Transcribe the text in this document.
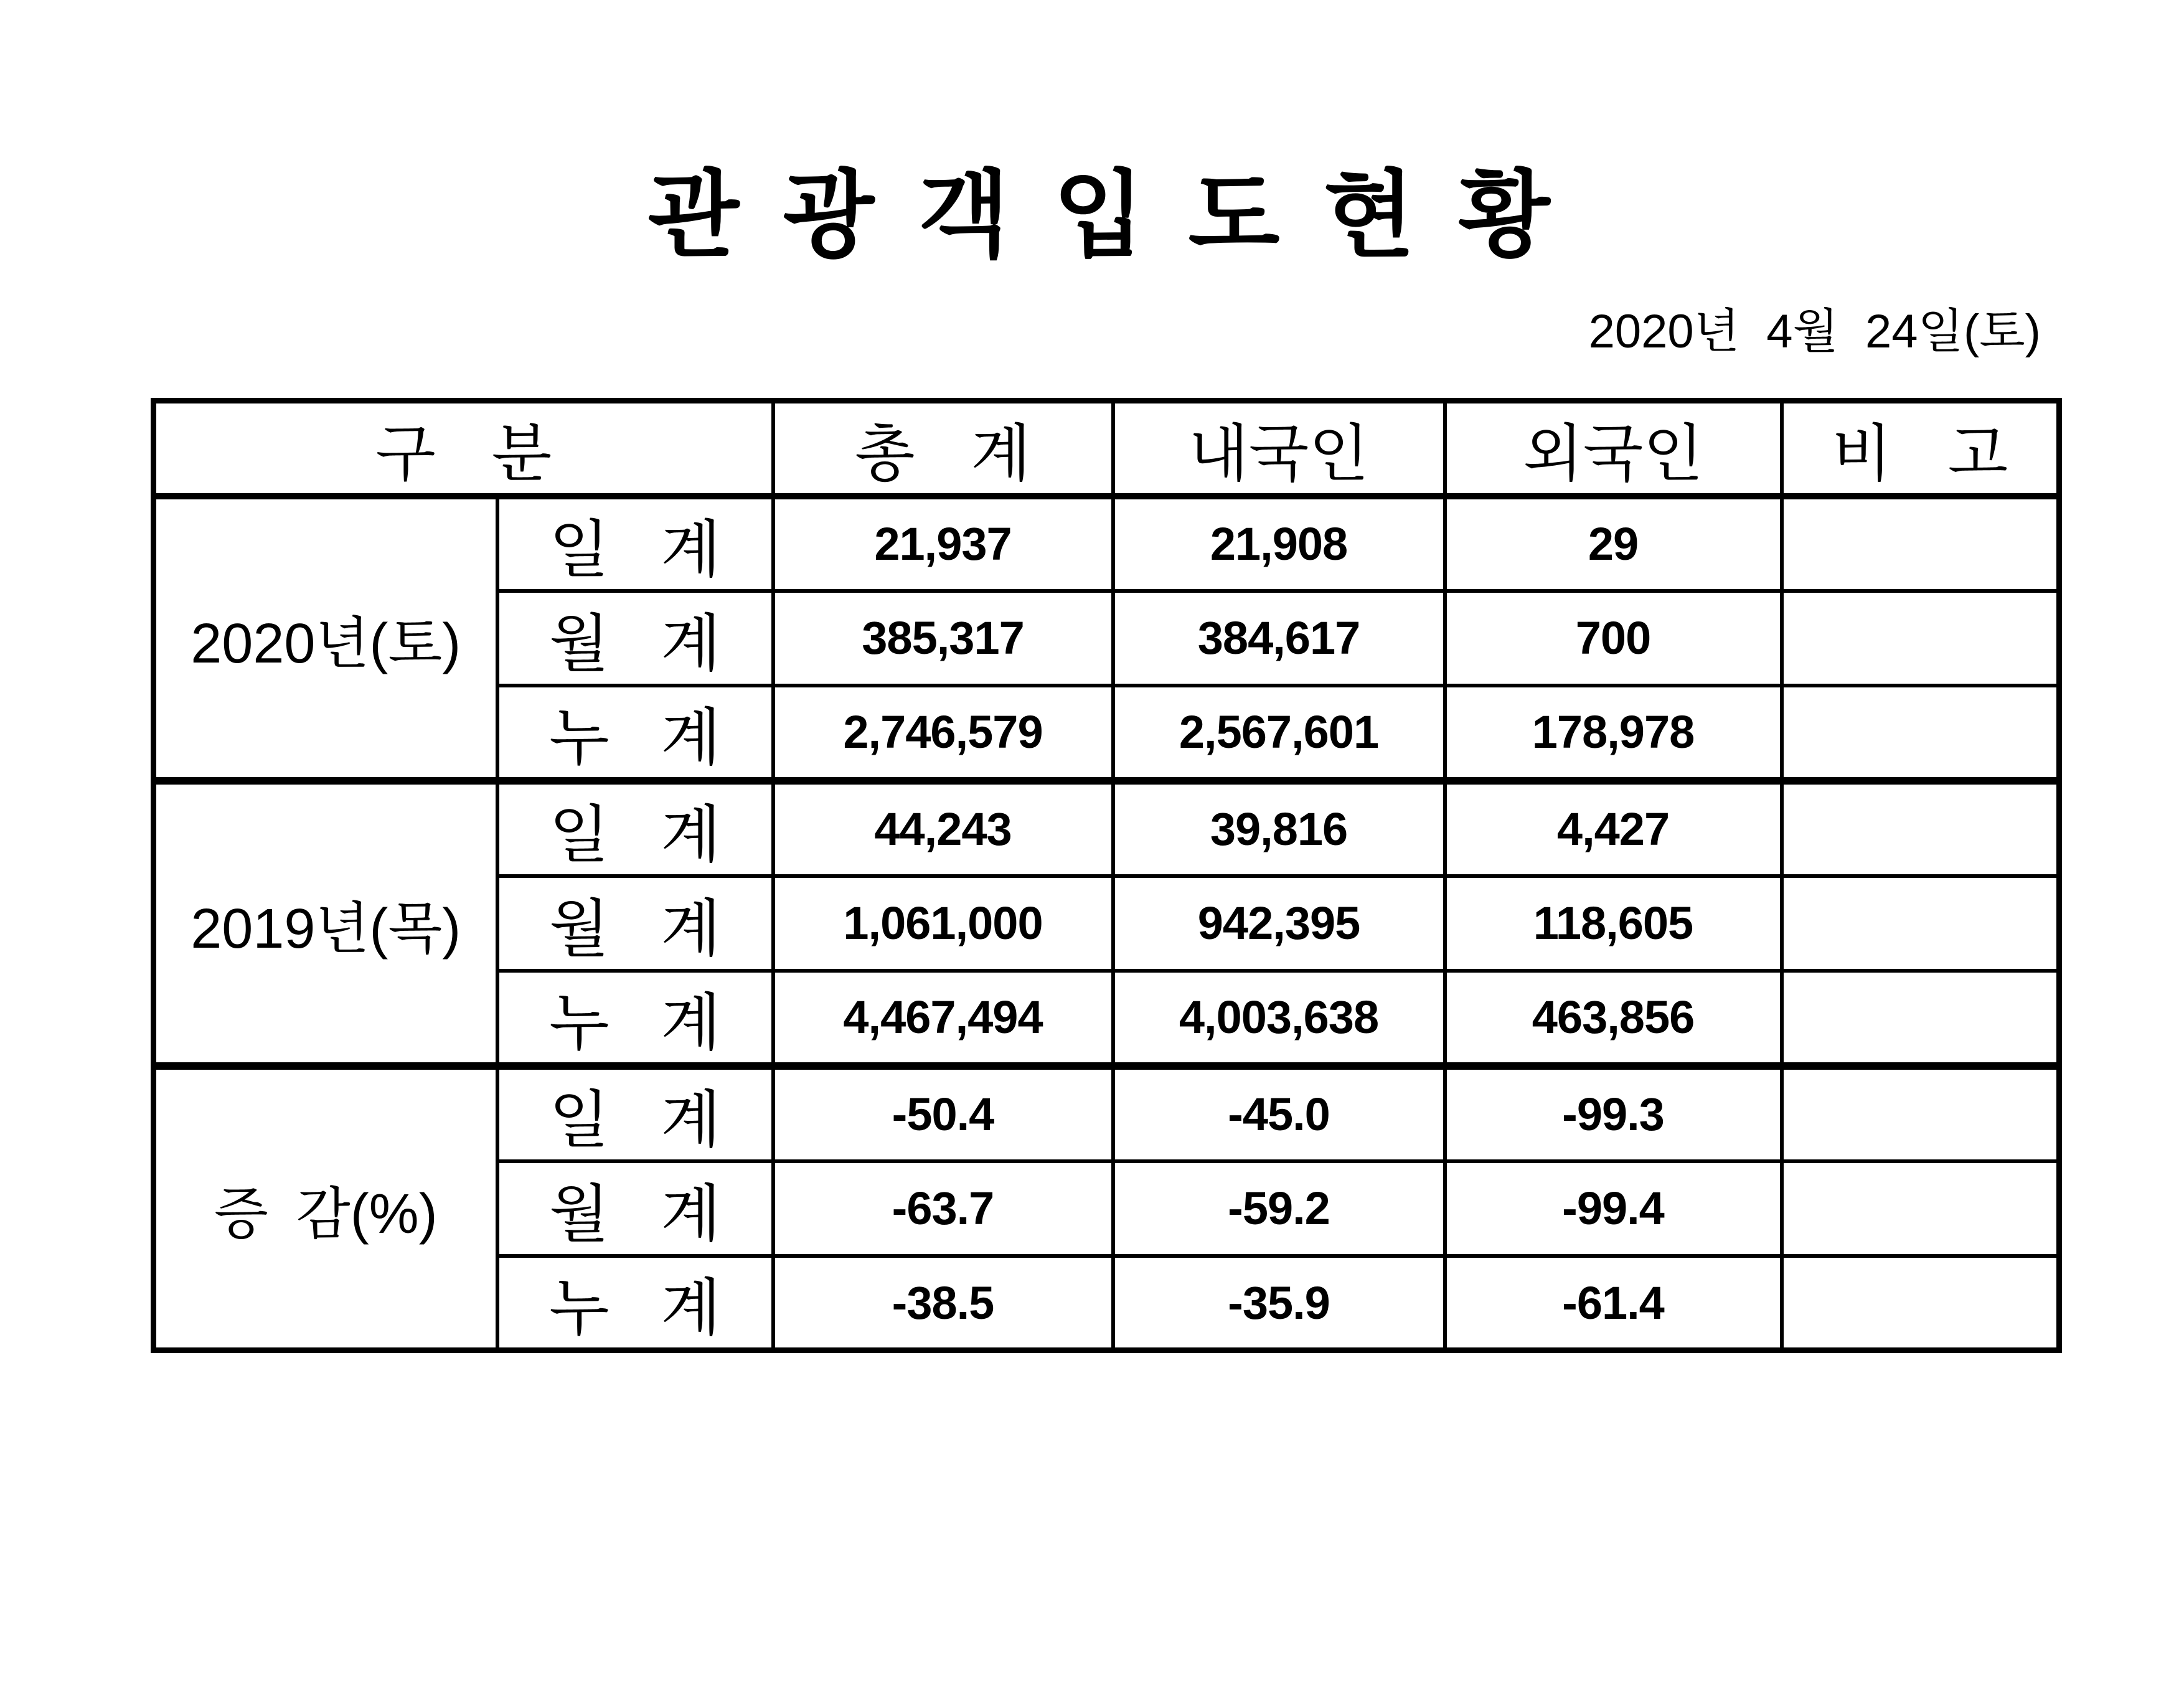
관 광 객 입 도 현 황
2020년 4월 24일(토)
구 분		총 계	내국인	외국인	비 고
2020년(토)	일 계	21,937	21,908	29	
	월 계	385,317	384,617	700	
	누 계	2,746,579	2,567,601	178,978	
2019년(목)	일 계	44,243	39,816	4,427	
	월 계	1,061,000	942,395	118,605	
	누 계	4,467,494	4,003,638	463,856	
증 감(%)	일 계	-50.4	-45.0	-99.3	
	월 계	-63.7	-59.2	-99.4	
	누 계	-38.5	-35.9	-61.4	
